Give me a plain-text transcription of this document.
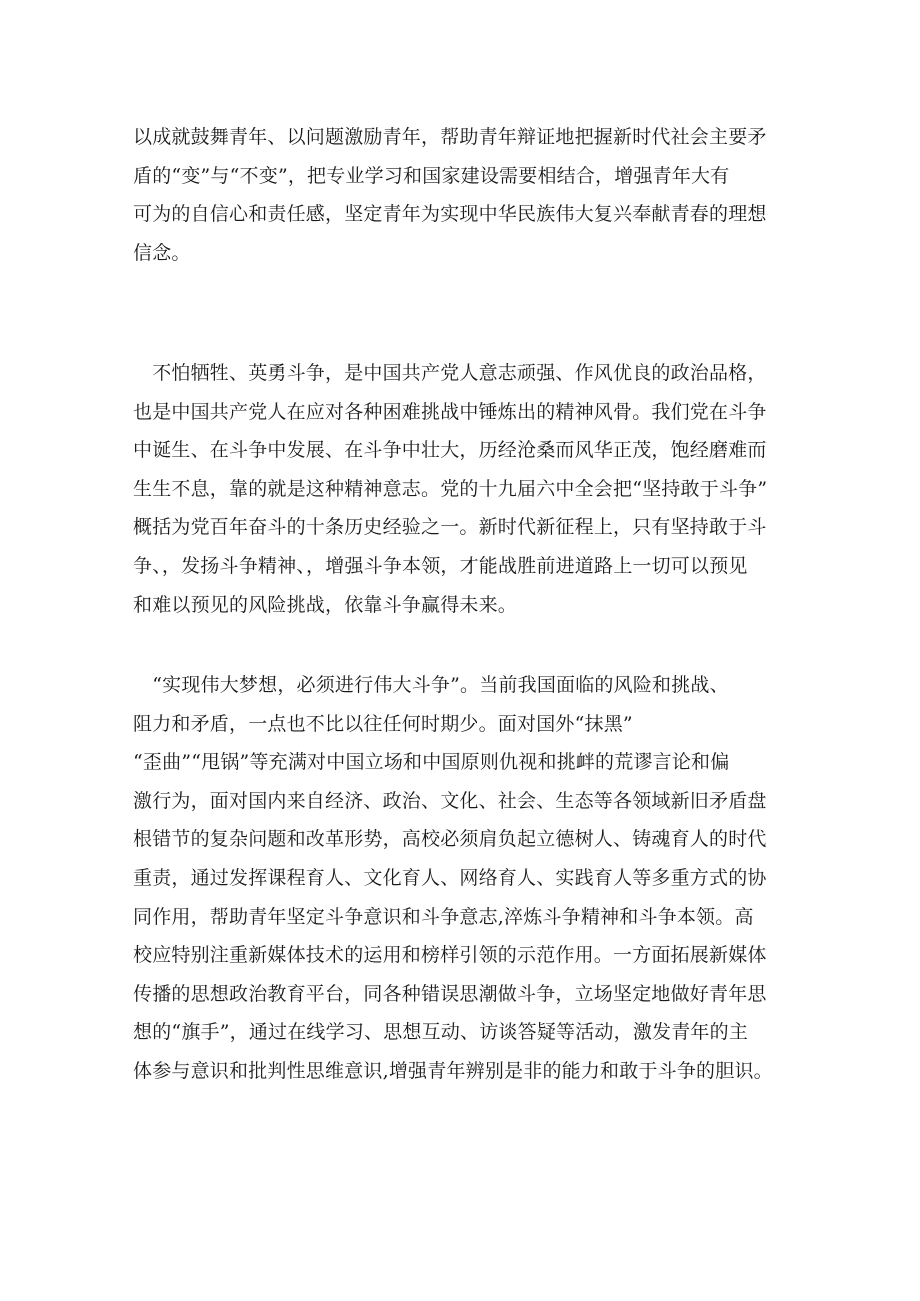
以成就鼓舞青年、以问题激励青年，帮助青年辩证地把握新时代社会主要矛
盾的“变”与“不变”，把专业学习和国家建设需要相结合，增强青年大有
可为的自信心和责任感，坚定青年为实现中华民族伟大复兴奉献青春的理想
信念。
　不怕牺牲、英勇斗争，是中国共产党人意志顽强、作风优良的政治品格，
也是中国共产党人在应对各种困难挑战中锤炼出的精神风骨。我们党在斗争
中诞生、在斗争中发展、在斗争中壮大，历经沧桑而风华正茂，饱经磨难而
生生不息，靠的就是这种精神意志。党的十九届六中全会把“坚持敢于斗争”
概括为党百年奋斗的十条历史经验之一。新时代新征程上，只有坚持敢于斗
争、，发扬斗争精神、，增强斗争本领，才能战胜前进道路上一切可以预见
和难以预见的风险挑战，依靠斗争赢得未来。
　“实现伟大梦想，必须进行伟大斗争”。当前我国面临的风险和挑战、
阻力和矛盾，一点也不比以往任何时期少。面对国外“抹黑”
“歪曲”“甩锅”等充满对中国立场和中国原则仇视和挑衅的荒谬言论和偏
激行为，面对国内来自经济、政治、文化、社会、生态等各领域新旧矛盾盘
根错节的复杂问题和改革形势，高校必须肩负起立德树人、铸魂育人的时代
重责，通过发挥课程育人、文化育人、网络育人、实践育人等多重方式的协
同作用，帮助青年坚定斗争意识和斗争意志,淬炼斗争精神和斗争本领。高
校应特别注重新媒体技术的运用和榜样引领的示范作用。一方面拓展新媒体
传播的思想政治教育平台，同各种错误思潮做斗争，立场坚定地做好青年思
想的“旗手”，通过在线学习、思想互动、访谈答疑等活动，激发青年的主
体参与意识和批判性思维意识,增强青年辨别是非的能力和敢于斗争的胆识。
